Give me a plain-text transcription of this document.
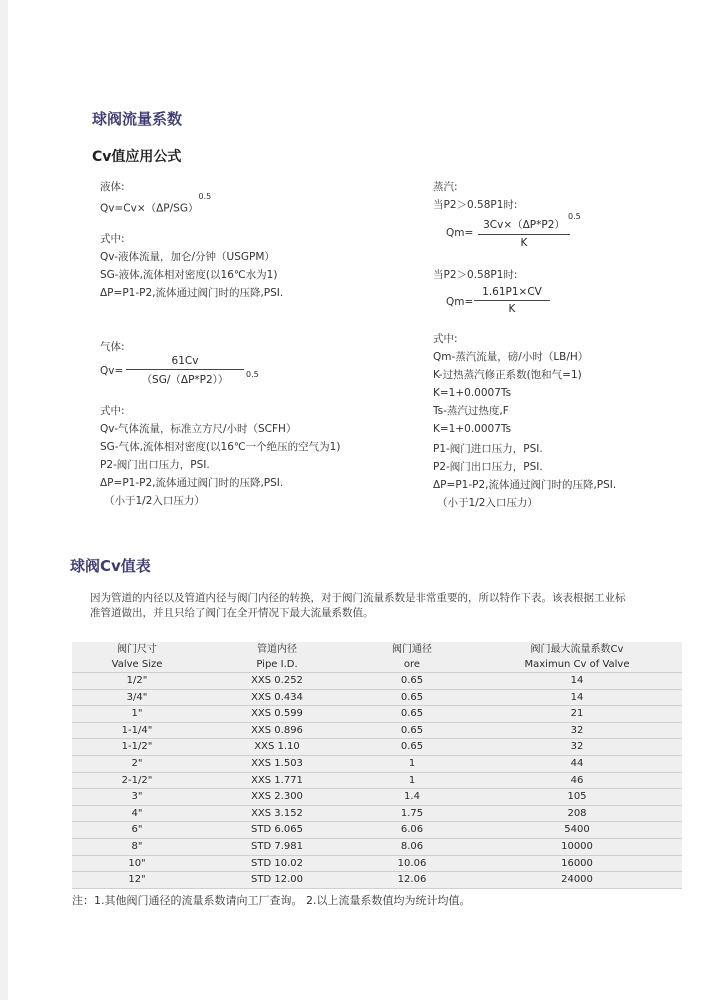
球阀流量系数
Cv值应用公式
液体:
$Qv=Cv\times(\Delta P/SG)^{0.5}$
式中:
Qv-液体流量，加仑/分钟（USGPM）
SG-液体,流体相对密度(以16℃水为1)
ΔP=P1-P2,流体通过阀门时的压降,PSI.
气体:
Qv=
61Cv
（SG/（ΔP*P2））	0.5
式中:
Qv-气体流量，标准立方尺/小时（SCFH）
SG-气体,流体相对密度(以16℃一个绝压的空气为1)
P2-阀门出口压力，PSI.
ΔP=P1-P2,流体通过阀门时的压降,PSI.
（小于1/2入口压力）
蒸汽:
当P2＞0.58P1时:
Qm=
3Cv×（ΔP*P2）
K
0.5
当P2＞0.58P1时:
Qm=
1.61P1×CV
K
式中:
Qm-蒸汽流量，磅/小时（LB/H）
K-过热蒸汽修正系数(饱和气=1)
K=1+0.0007Ts
Ts-蒸汽过热度,F
K=1+0.0007Ts
P1-阀门进口压力，PSI.
P2-阀门出口压力，PSI.
ΔP=P1-P2,流体通过阀门时的压降,PSI.
（小于1/2入口压力）
球阀Cv值表
因为管道的内径以及管道内径与阀门内径的转换，对于阀门流量系数是非常重要的，所以特作下表。该表根据工业标准管道做出，并且只给了阀门在全开情况下最大流量系数值。
阀门尺寸	管道内径	阀门通径	阀门最大流量系数Cv
Valve Size	Pipe I.D.	ore	Maximun Cv of Valve
1/2"	XXS 0.252	0.65	14
3/4"	XXS 0.434	0.65	14
1"	XXS 0.599	0.65	21
1-1/4"	XXS 0.896	0.65	32
1-1/2"	XXS 1.10	0.65	32
2"	XXS 1.503	1	44
2-1/2"	XXS 1.771	1	46
3"	XXS 2.300	1.4	105
4"	XXS 3.152	1.75	208
6"	STD 6.065	6.06	5400
8"	STD 7.981	8.06	10000
10"	STD 10.02	10.06	16000
12"	STD 12.00	12.06	24000
注：1.其他阀门通径的流量系数请向工厂查询。 2.以上流量系数值均为统计均值。
